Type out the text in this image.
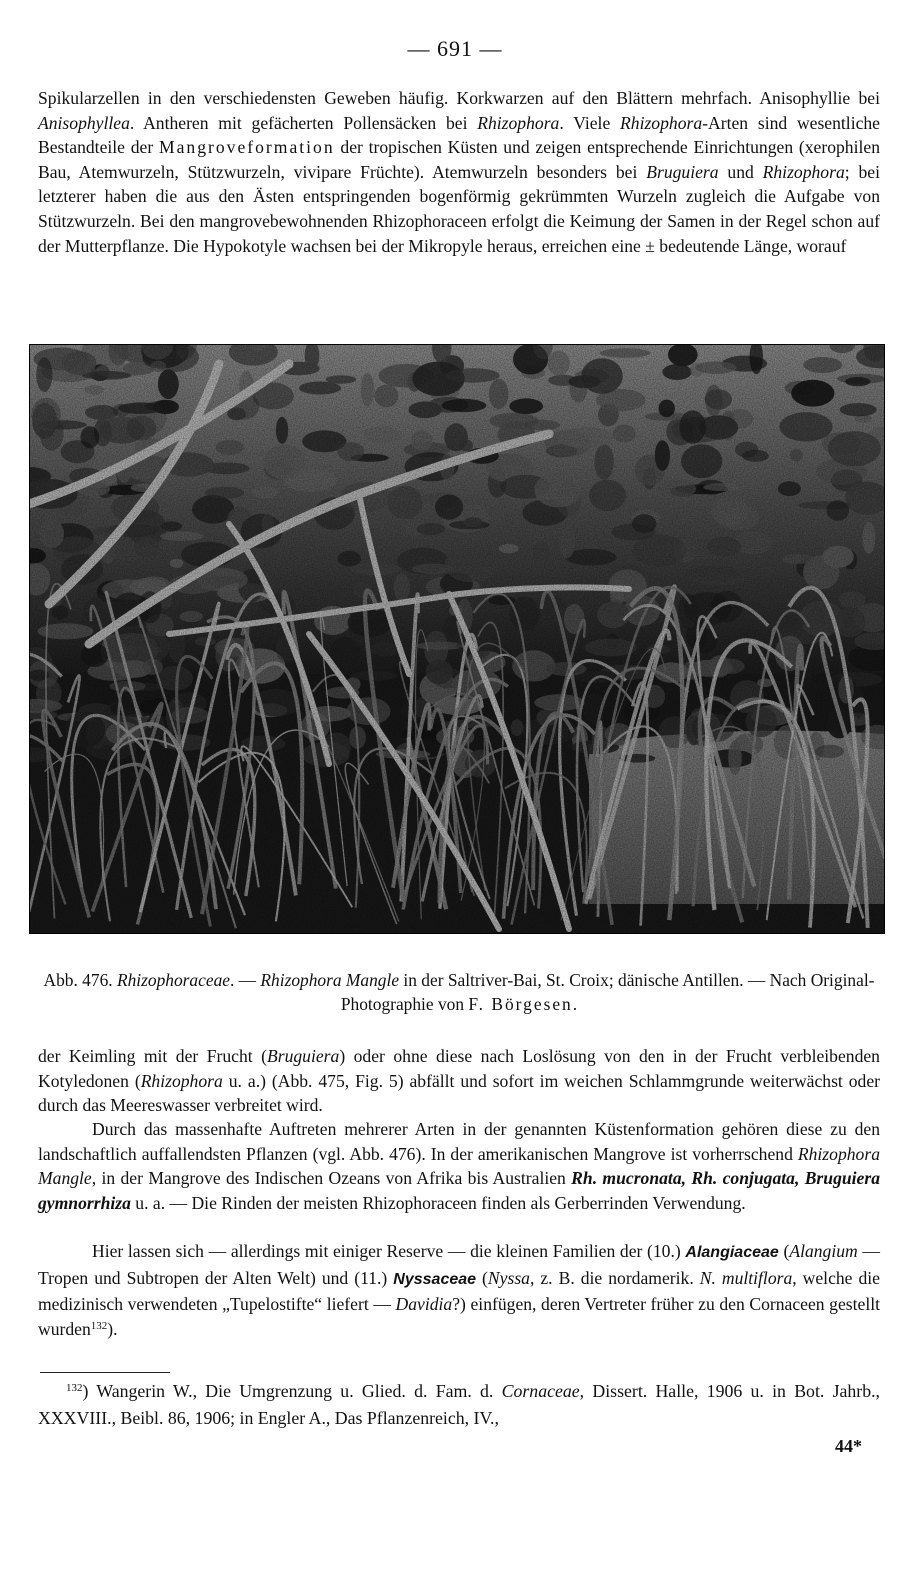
— 691 —

Spikularzellen in den verschiedensten Geweben häufig. Korkwarzen auf den Blättern mehrfach. Anisophyllie bei Anisophyllea. Antheren mit gefächerten Pollensäcken bei Rhizophora. Viele Rhizophora-Arten sind wesentliche Bestandteile der Mangroveformation der tropischen Küsten und zeigen entsprechende Einrichtungen (xerophilen Bau, Atemwurzeln, Stützwurzeln, vivipare Früchte). Atemwurzeln besonders bei Bruguiera und Rhizophora; bei letzterer haben die aus den Ästen entspringenden bogenförmig gekrümmten Wurzeln zugleich die Aufgabe von Stützwurzeln. Bei den mangrovebewohnenden Rhizophoraceen erfolgt die Keimung der Samen in der Regel schon auf der Mutterpflanze. Die Hypokotyle wachsen bei der Mikropyle heraus, erreichen eine ± bedeutende Länge, worauf

Abb. 476. Rhizophoraceae. — Rhizophora Mangle in der Saltriver-Bai, St. Croix; dänische Antillen. — Nach Original-Photographie von F. Börgesen.

der Keimling mit der Frucht (Bruguiera) oder ohne diese nach Loslösung von den in der Frucht verbleibenden Kotyledonen (Rhizophora u. a.) (Abb. 475, Fig. 5) abfällt und sofort im weichen Schlammgrunde weiterwächst oder durch das Meereswasser verbreitet wird.

Durch das massenhafte Auftreten mehrerer Arten in der genannten Küstenformation gehören diese zu den landschaftlich auffallendsten Pflanzen (vgl. Abb. 476). In der amerikanischen Mangrove ist vorherrschend Rhizophora Mangle, in der Mangrove des Indischen Ozeans von Afrika bis Australien Rh. mucronata, Rh. conjugata, Bruguiera gymnorrhiza u. a. — Die Rinden der meisten Rhizophoraceen finden als Gerberrinden Verwendung.

Hier lassen sich — allerdings mit einiger Reserve — die kleinen Familien der (10.) Alangiaceae (Alangium — Tropen und Subtropen der Alten Welt) und (11.) Nyssaceae (Nyssa, z. B. die nordamerik. N. multiflora, welche die medizinisch verwendeten „Tupelostifte“ liefert — Davidia?) einfügen, deren Vertreter früher zu den Cornaceen gestellt wurden$^{132}$).

$^{132}$) Wangerin W., Die Umgrenzung u. Glied. d. Fam. d. Cornaceae, Dissert. Halle, 1906 u. in Bot. Jahrb., XXXVIII., Beibl. 86, 1906; in Engler A., Das Pflanzenreich, IV.,

44*
